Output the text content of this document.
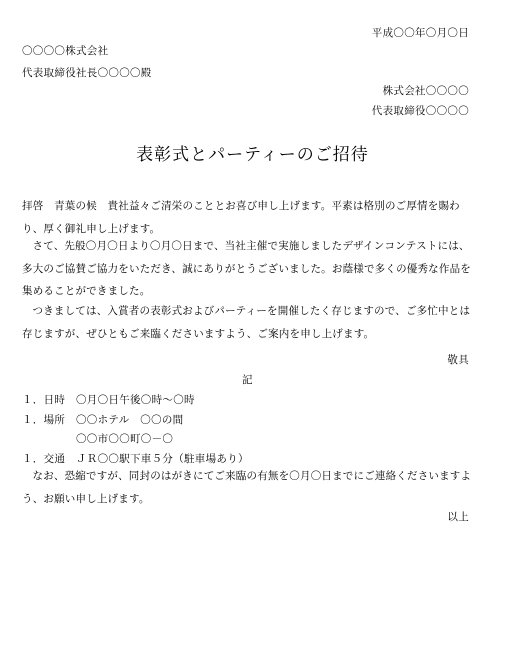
平成〇〇年〇月〇日
〇〇〇〇株式会社
代表取締役社長〇〇〇〇殿
株式会社〇〇〇〇
代表取締役〇〇〇〇
表彰式とパーティーのご招待
拝啓　青葉の候　貴社益々ご清栄のこととお喜び申し上げます。平素は格別のご厚情を賜わり、厚く御礼申し上げます。
さて、先般〇月〇日より〇月〇日まで、当社主催で実施しましたデザインコンテストには、多大のご協賛ご協力をいただき、誠にありがとうございました。お蔭様で多くの優秀な作品を集めることができました。
つきましては、入賞者の表彰式およびパーティーを開催したく存じますので、ご多忙中とは存じますが、ぜひともご来臨くださいますよう、ご案内を申し上げます。
敬具
記
１．日時　〇月〇日午後〇時～〇時
１．場所　〇〇ホテル　〇〇の間
〇〇市〇〇町〇－〇
１．交通　ＪＲ〇〇駅下車５分（駐車場あり）
なお、恐縮ですが、同封のはがきにてご来臨の有無を〇月〇日までにご連絡くださいますよう、お願い申し上げます。
以上
